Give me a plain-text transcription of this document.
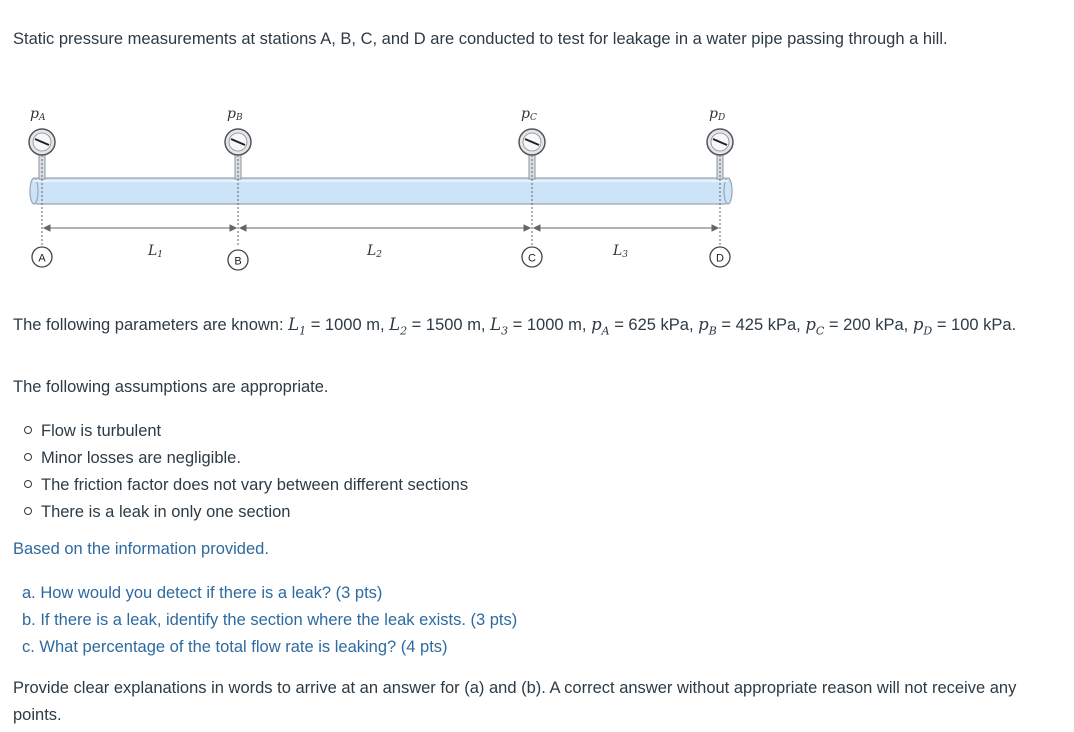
Static pressure measurements at stations A, B, C, and D are conducted to test for leakage in a water pipe passing through a hill.

pA	pB	pC	pD
L1	L2	L3
A	B	C	D

The following parameters are known: $L_1 = 1000$ m, $L_2 = 1500$ m, $L_3 = 1000$ m, $p_A = 625$ kPa, $p_B = 425$ kPa, $p_C = 200$ kPa, $p_D = 100$ kPa.

The following assumptions are appropriate.

Flow is turbulent
Minor losses are negligible.
The friction factor does not vary between different sections
There is a leak in only one section

Based on the information provided.

a. How would you detect if there is a leak? (3 pts)

b. If there is a leak, identify the section where the leak exists. (3 pts)

c. What percentage of the total flow rate is leaking? (4 pts)

Provide clear explanations in words to arrive at an answer for (a) and (b). A correct answer without appropriate reason will not receive any points.
